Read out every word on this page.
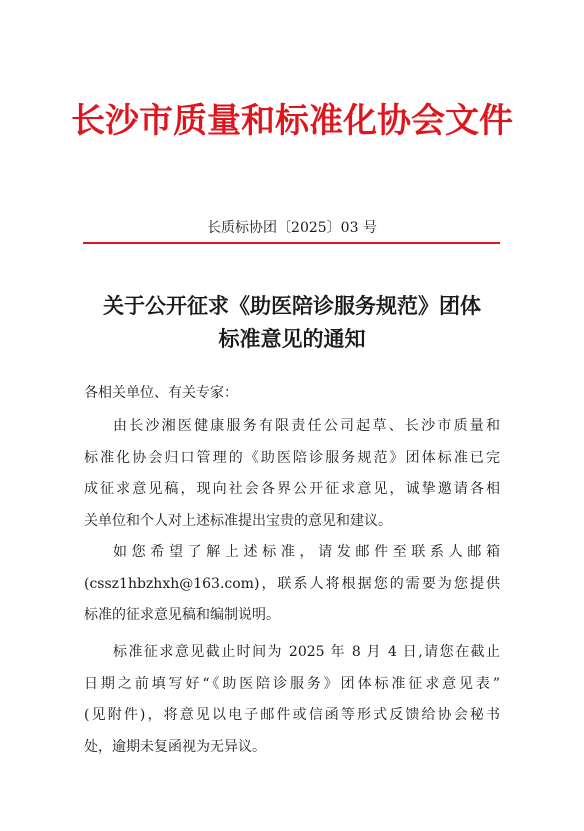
长沙市质量和标准化协会文件
长质标协团〔2025〕03 号
关于公开征求《助医陪诊服务规范》团体
标准意见的通知
各相关单位、有关专家：
由长沙湘医健康服务有限责任公司起草、长沙市质量和
标准化协会归口管理的《助医陪诊服务规范》团体标准已完
成征求意见稿，现向社会各界公开征求意见，诚挚邀请各相
关单位和个人对上述标准提出宝贵的意见和建议。
如您希望了解上述标准，请发邮件至联系人邮箱
(cssz1hbzhxh@163.com)，联系人将根据您的需要为您提供
标准的征求意见稿和编制说明。
标准征求意见截止时间为 2025 年 8 月 4 日,请您在截止
日期之前填写好“《助医陪诊服务》团体标准征求意见表”
(见附件)，将意见以电子邮件或信函等形式反馈给协会秘书
处，逾期未复函视为无异议。
